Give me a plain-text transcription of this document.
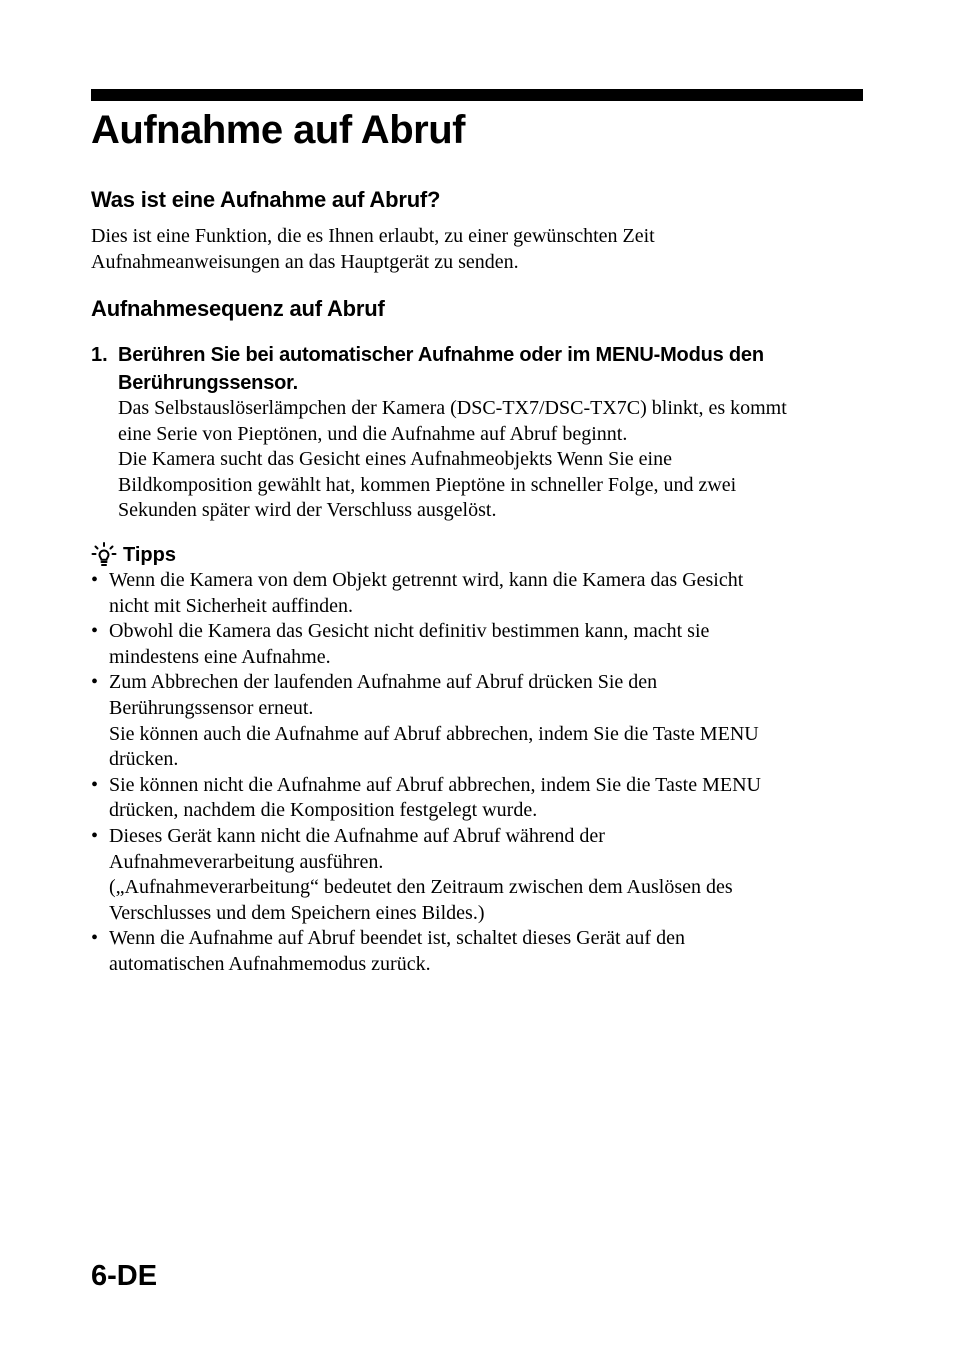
Aufnahme auf Abruf
Was ist eine Aufnahme auf Abruf?

Dies ist eine Funktion, die es Ihnen erlaubt, zu einer gewünschten Zeit
Aufnahmeanweisungen an das Hauptgerät zu senden.

Aufnahmesequenz auf Abruf
1. Berühren Sie bei automatischer Aufnahme oder im MENU-Modus den
Berührungssensor.

Das Selbstauslöserlämpchen der Kamera (DSC-TX7/DSC-TX7C) blinkt, es kommt
eine Serie von Pieptönen, und die Aufnahme auf Abruf beginnt.
Die Kamera sucht das Gesicht eines Aufnahmeobjekts Wenn Sie eine
Bildkomposition gewählt hat, kommen Pieptöne in schneller Folge, und zwei
Sekunden später wird der Verschluss ausgelöst.

Tipps
• Wenn die Kamera von dem Objekt getrennt wird, kann die Kamera das Gesicht
nicht mit Sicherheit auffinden.
• Obwohl die Kamera das Gesicht nicht definitiv bestimmen kann, macht sie
mindestens eine Aufnahme.
• Zum Abbrechen der laufenden Aufnahme auf Abruf drücken Sie den
Berührungssensor erneut.
Sie können auch die Aufnahme auf Abruf abbrechen, indem Sie die Taste MENU
drücken.
• Sie können nicht die Aufnahme auf Abruf abbrechen, indem Sie die Taste MENU
drücken, nachdem die Komposition festgelegt wurde.
• Dieses Gerät kann nicht die Aufnahme auf Abruf während der
Aufnahmeverarbeitung ausführen.
(„Aufnahmeverarbeitung“ bedeutet den Zeitraum zwischen dem Auslösen des
Verschlusses und dem Speichern eines Bildes.)
• Wenn die Aufnahme auf Abruf beendet ist, schaltet dieses Gerät auf den
automatischen Aufnahmemodus zurück.
6-DE
